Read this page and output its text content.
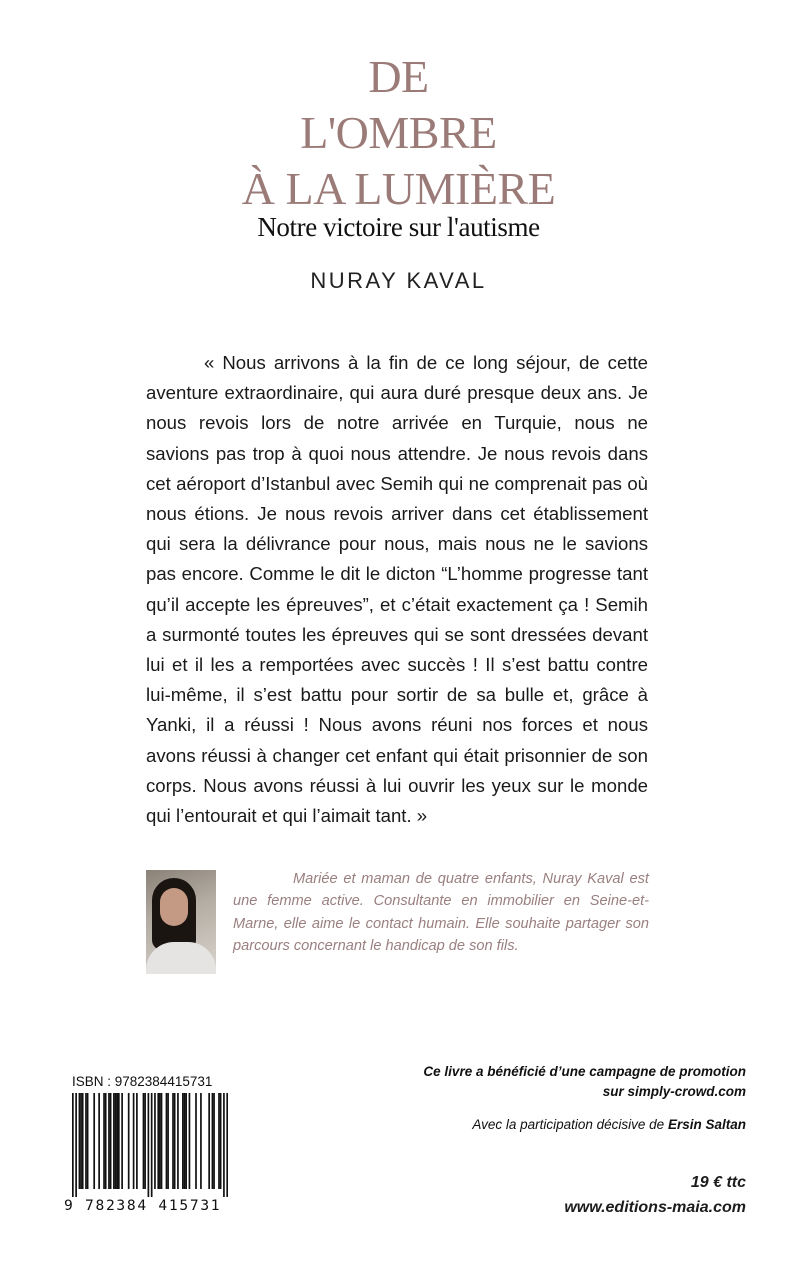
DE
L'OMBRE
À LA LUMIÈRE
Notre victoire sur l'autisme
NURAY KAVAL

« Nous arrivons à la fin de ce long séjour, de cette aventure extraordinaire, qui aura duré presque deux ans. Je nous revois lors de notre arrivée en Turquie, nous ne savions pas trop à quoi nous attendre. Je nous revois dans cet aéroport d’Istanbul avec Semih qui ne comprenait pas où nous étions. Je nous revois arriver dans cet établissement qui sera la délivrance pour nous, mais nous ne le savions pas encore. Comme le dit le dicton “L’homme progresse tant qu’il accepte les épreuves”, et c’était exactement ça ! Semih a surmonté toutes les épreuves qui se sont dressées devant lui et il les a remportées avec succès ! Il s’est battu contre lui-même, il s’est battu pour sortir de sa bulle et, grâce à Yanki, il a réussi ! Nous avons réuni nos forces et nous avons réussi à changer cet enfant qui était prisonnier de son corps. Nous avons réussi à lui ouvrir les yeux sur le monde qui l’entourait et qui l’aimait tant. »

Mariée et maman de quatre enfants, Nuray Kaval est une femme active. Consultante en immobilier en Seine-et-Marne, elle aime le contact humain. Elle souhaite partager son parcours concernant le handicap de son fils.

ISBN : 9782384415731
9 782384 415731
Ce livre a bénéficié d’une campagne de promotion
sur simply-crowd.com
Avec la participation décisive de Ersin Saltan
19 € ttc
www.editions-maia.com
